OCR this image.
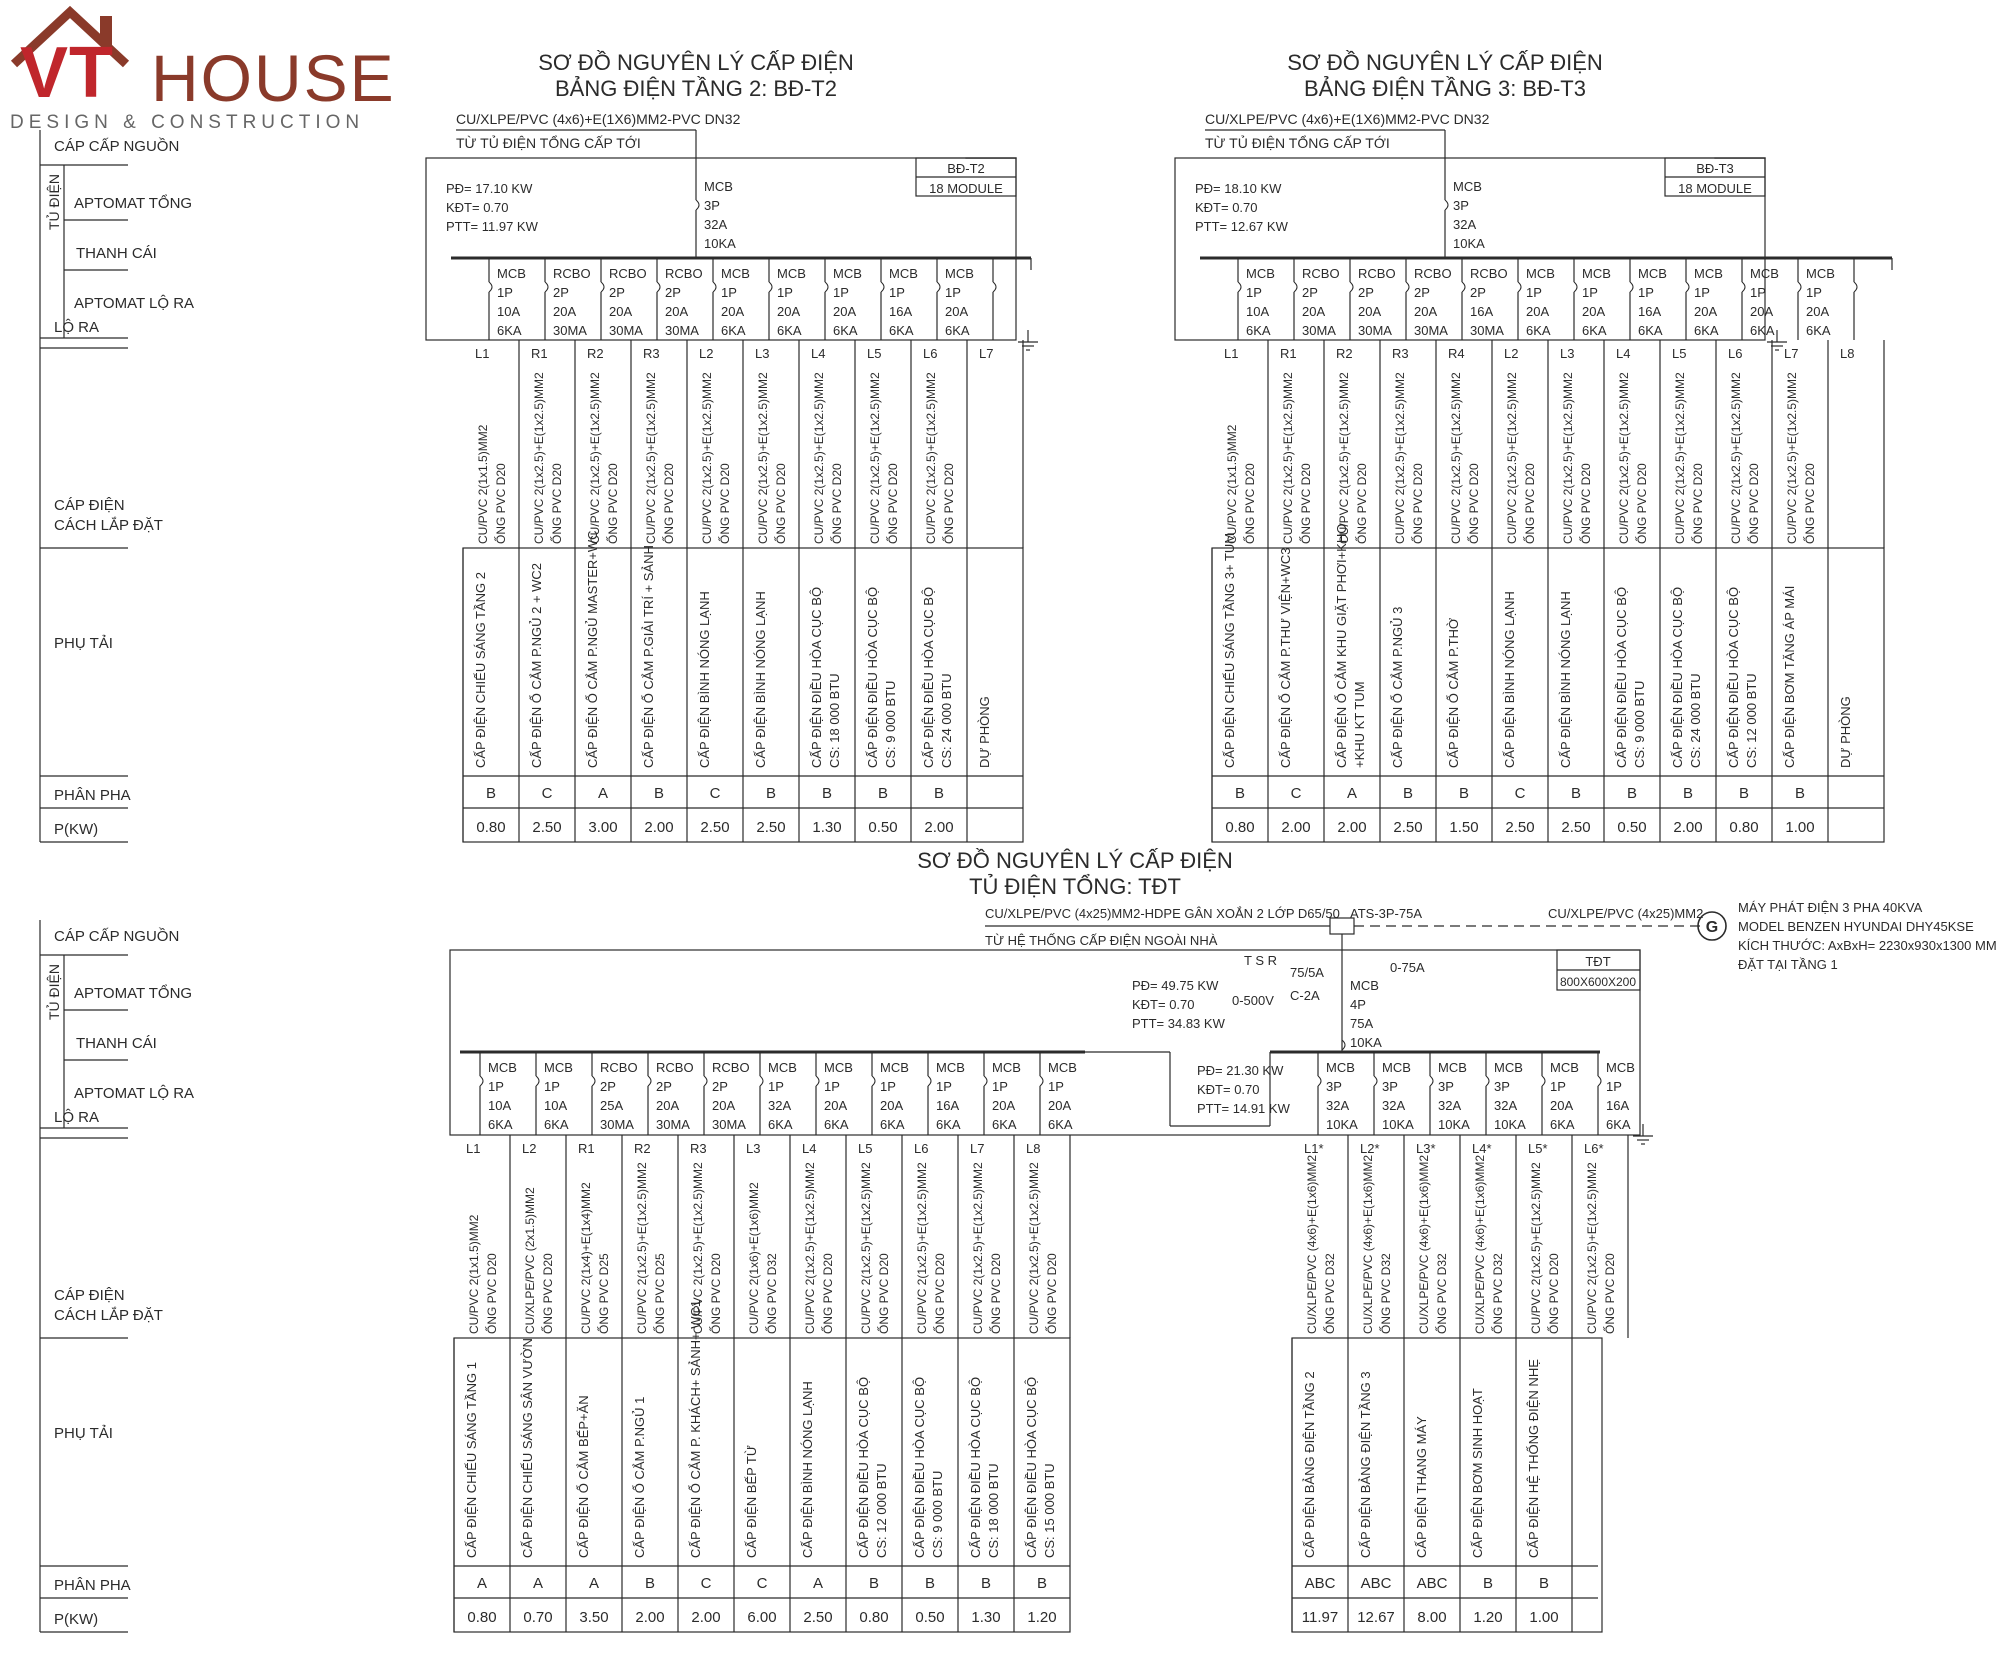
VT HOUSE
DESIGN & CONSTRUCTION
CÁP CẤP NGUỒN
TỦ ĐIỆN APTOMAT TỔNG
THANH CÁI
APTOMAT LỘ RA
LỘ RA
CÁP ĐIỆN
CÁCH LẮP ĐẶT
PHỤ TẢI
PHÂN PHA
P(KW)
CÁP CẤP NGUỒN
TỦ ĐIỆN APTOMAT TỔNG
THANH CÁI
APTOMAT LỘ RA
LỘ RA
CÁP ĐIỆN
CÁCH LẮP ĐẶT
PHỤ TẢI
PHÂN PHA
P(KW)
SƠ ĐỒ NGUYÊN LÝ CẤP ĐIỆN
BẢNG ĐIỆN TẦNG 2: BĐ-T2
CU/XLPE/PVC (4x6)+E(1X6)MM2-PVC DN32
TỪ TỦ ĐIỆN TỔNG CẤP TỚI
BĐ-T2
18 MODULE
PĐ= 17.10 KW
KĐT= 0.70
PTT= 11.97 KW
MCB
3P
32A
10KA
MCB
1P
10A
6KA
L1
CU/PVC 2(1x1.5)MM2 ỐNG PVC D20
CẤP ĐIỆN CHIẾU SÁNG TẦNG 2
B
0.80
RCBO
2P
20A
30MA
R1
CU/PVC 2(1x2.5)+E(1x2.5)MM2 ỐNG PVC D20
CẤP ĐIỆN Ổ CẮM P.NGỦ 2 + WC2
C
2.50
RCBO
2P
20A
30MA
R2
CU/PVC 2(1x2.5)+E(1x2.5)MM2 ỐNG PVC D20
CẤP ĐIỆN Ổ CẮM P.NGỦ MASTER+WC
A
3.00
RCBO
2P
20A
30MA
R3
CU/PVC 2(1x2.5)+E(1x2.5)MM2 ỐNG PVC D20
CẤP ĐIỆN Ổ CẮM P.GIẢI TRÍ + SẢNH
B
2.00
MCB
1P
20A
6KA
L2
CU/PVC 2(1x2.5)+E(1x2.5)MM2 ỐNG PVC D20
CẤP ĐIỆN BÌNH NÓNG LẠNH
C
2.50
MCB
1P
20A
6KA
L3
CU/PVC 2(1x2.5)+E(1x2.5)MM2 ỐNG PVC D20
CẤP ĐIỆN BÌNH NÓNG LẠNH
B
2.50
MCB
1P
20A
6KA
L4
CU/PVC 2(1x2.5)+E(1x2.5)MM2 ỐNG PVC D20
CẤP ĐIỆN ĐIỀU HÒA CỤC BỘ CS: 18 000 BTU
B
1.30
MCB
1P
16A
6KA
L5
CU/PVC 2(1x2.5)+E(1x2.5)MM2 ỐNG PVC D20
CẤP ĐIỆN ĐIỀU HÒA CỤC BỘ CS: 9 000 BTU
B
0.50
MCB
1P
20A
6KA
L6
CU/PVC 2(1x2.5)+E(1x2.5)MM2 ỐNG PVC D20
CẤP ĐIỆN ĐIỀU HÒA CỤC BỘ CS: 24 000 BTU
B
2.00
L7
DỰ PHÒNG
SƠ ĐỒ NGUYÊN LÝ CẤP ĐIỆN
BẢNG ĐIỆN TẦNG 3: BĐ-T3
CU/XLPE/PVC (4x6)+E(1X6)MM2-PVC DN32
TỪ TỦ ĐIỆN TỔNG CẤP TỚI
BĐ-T3
18 MODULE
PĐ= 18.10 KW
KĐT= 0.70
PTT= 12.67 KW
MCB
3P
32A
10KA
MCB
1P
10A
6KA
L1
CU/PVC 2(1x1.5)MM2 ỐNG PVC D20
CẤP ĐIỆN CHIẾU SÁNG TẦNG 3+ TUM
B
0.80
RCBO
2P
20A
30MA
R1
CU/PVC 2(1x2.5)+E(1x2.5)MM2 ỐNG PVC D20
CẤP ĐIỆN Ổ CẮM P.THƯ VIỆN+WC3
C
2.00
RCBO
2P
20A
30MA
R2
CU/PVC 2(1x2.5)+E(1x2.5)MM2 ỐNG PVC D20
CẤP ĐIỆN Ổ CẮM KHU GIẶT PHƠI+KHO +KHU KT TUM
A
2.00
RCBO
2P
20A
30MA
R3
CU/PVC 2(1x2.5)+E(1x2.5)MM2 ỐNG PVC D20
CẤP ĐIỆN Ổ CẮM P.NGỦ 3
B
2.50
RCBO
2P
16A
30MA
R4
CU/PVC 2(1x2.5)+E(1x2.5)MM2 ỐNG PVC D20
CẤP ĐIỆN Ổ CẮM P.THỜ
B
1.50
MCB
1P
20A
6KA
L2
CU/PVC 2(1x2.5)+E(1x2.5)MM2 ỐNG PVC D20
CẤP ĐIỆN BÌNH NÓNG LẠNH
C
2.50
MCB
1P
20A
6KA
L3
CU/PVC 2(1x2.5)+E(1x2.5)MM2 ỐNG PVC D20
CẤP ĐIỆN BÌNH NÓNG LẠNH
B
2.50
MCB
1P
16A
6KA
L4
CU/PVC 2(1x2.5)+E(1x2.5)MM2 ỐNG PVC D20
CẤP ĐIỆN ĐIỀU HÒA CỤC BỘ CS: 9 000 BTU
B
0.50
MCB
1P
20A
6KA
L5
CU/PVC 2(1x2.5)+E(1x2.5)MM2 ỐNG PVC D20
CẤP ĐIỆN ĐIỀU HÒA CỤC BỘ CS: 24 000 BTU
B
2.00
MCB
1P
20A
6KA
L6
CU/PVC 2(1x2.5)+E(1x2.5)MM2 ỐNG PVC D20
CẤP ĐIỆN ĐIỀU HÒA CỤC BỘ CS: 12 000 BTU
B
0.80
MCB
1P
20A
6KA
L7
CU/PVC 2(1x2.5)+E(1x2.5)MM2 ỐNG PVC D20
CẤP ĐIỆN BƠM TĂNG ÁP MÁI
B
1.00
L8
DỰ PHÒNG
SƠ ĐỒ NGUYÊN LÝ CẤP ĐIỆN
TỦ ĐIỆN TỔNG: TĐT
CU/XLPE/PVC (4x25)MM2-HDPE GÂN XOẮN 2 LỚP D65/50
TỪ HỆ THỐNG CẤP ĐIỆN NGOÀI NHÀ
ATS-3P-75A	CU/XLPE/PVC (4x25)MM2
G
MÁY PHÁT ĐIỆN 3 PHA 40KVA
MODEL BENZEN HYUNDAI DHY45KSE
KÍCH THƯỚC: AxBxH= 2230x930x1300 MM
ĐẶT TẠI TẦNG 1
TĐT
800X600X200
T S R
75/5A	0-75A
0-500V C-2A
MCB
4P
75A
10KA
PĐ= 49.75 KW
KĐT= 0.70
PTT= 34.83 KW
PĐ= 21.30 KW
KĐT= 0.70
PTT= 14.91 KW
MCB
1P
10A
6KA
L1
CU/PVC 2(1x1.5)MM2 ỐNG PVC D20
CẤP ĐIỆN CHIẾU SÁNG TẦNG 1
A
0.80
MCB
1P
10A
6KA
L2
CU/XLPE/PVC (2x1.5)MM2 ỐNG PVC D20
CẤP ĐIỆN CHIẾU SÁNG SÂN VƯỜN
A
0.70
RCBO
2P
25A
30MA
R1
CU/PVC 2(1x4)+E(1x4)MM2 ỐNG PVC D25
CẤP ĐIỆN Ổ CẮM BẾP+ĂN
A
3.50
RCBO
2P
20A
30MA
R2
CU/PVC 2(1x2.5)+E(1x2.5)MM2 ỐNG PVC D25
CẤP ĐIỆN Ổ CẮM P.NGỦ 1
B
2.00
RCBO
2P
20A
30MA
R3
CU/PVC 2(1x2.5)+E(1x2.5)MM2 ỐNG PVC D20
CẤP ĐIỆN Ổ CẮM P. KHÁCH+ SẢNH+ WC1
C
2.00
MCB
1P
32A
6KA
L3
CU/PVC 2(1x6)+E(1x6)MM2 ỐNG PVC D32
CẤP ĐIỆN BẾP TỪ
C
6.00
MCB
1P
20A
6KA
L4
CU/PVC 2(1x2.5)+E(1x2.5)MM2 ỐNG PVC D20
CẤP ĐIỆN BÌNH NÓNG LẠNH
A
2.50
MCB
1P
20A
6KA
L5
CU/PVC 2(1x2.5)+E(1x2.5)MM2 ỐNG PVC D20
CẤP ĐIỆN ĐIỀU HÒA CỤC BỘ CS: 12 000 BTU
B
0.80
MCB
1P
16A
6KA
L6
CU/PVC 2(1x2.5)+E(1x2.5)MM2 ỐNG PVC D20
CẤP ĐIỆN ĐIỀU HÒA CỤC BỘ CS: 9 000 BTU
B
0.50
MCB
1P
20A
6KA
L7
CU/PVC 2(1x2.5)+E(1x2.5)MM2 ỐNG PVC D20
CẤP ĐIỆN ĐIỀU HÒA CỤC BỘ CS: 18 000 BTU
B
1.30
MCB
1P
20A
6KA
L8
CU/PVC 2(1x2.5)+E(1x2.5)MM2 ỐNG PVC D20
CẤP ĐIỆN ĐIỀU HÒA CỤC BỘ CS: 15 000 BTU
B
1.20
MCB
3P
32A
10KA
L1*
CU/XLPE/PVC (4x6)+E(1x6)MM2 ỐNG PVC D32
CẤP ĐIỆN BẢNG ĐIỆN TẦNG 2
ABC
11.97
MCB
3P
32A
10KA
L2*
CU/XLPE/PVC (4x6)+E(1x6)MM2 ỐNG PVC D32
CẤP ĐIỆN BẢNG ĐIỆN TẦNG 3
ABC
12.67
MCB
3P
32A
10KA
L3*
CU/XLPE/PVC (4x6)+E(1x6)MM2 ỐNG PVC D32
CẤP ĐIỆN THANG MÁY
ABC
8.00
MCB
3P
32A
10KA
L4*
CU/XLPE/PVC (4x6)+E(1x6)MM2 ỐNG PVC D32
CẤP ĐIỆN BƠM SINH HOẠT
B
1.20
MCB
1P
20A
6KA
L5*
CU/PVC 2(1x2.5)+E(1x2.5)MM2 ỐNG PVC D20
CẤP ĐIỆN HỆ THỐNG ĐIỆN NHẸ
B
1.00
MCB
1P
16A
6KA
L6*
CU/PVC 2(1x2.5)+E(1x2.5)MM2 ỐNG PVC D20
